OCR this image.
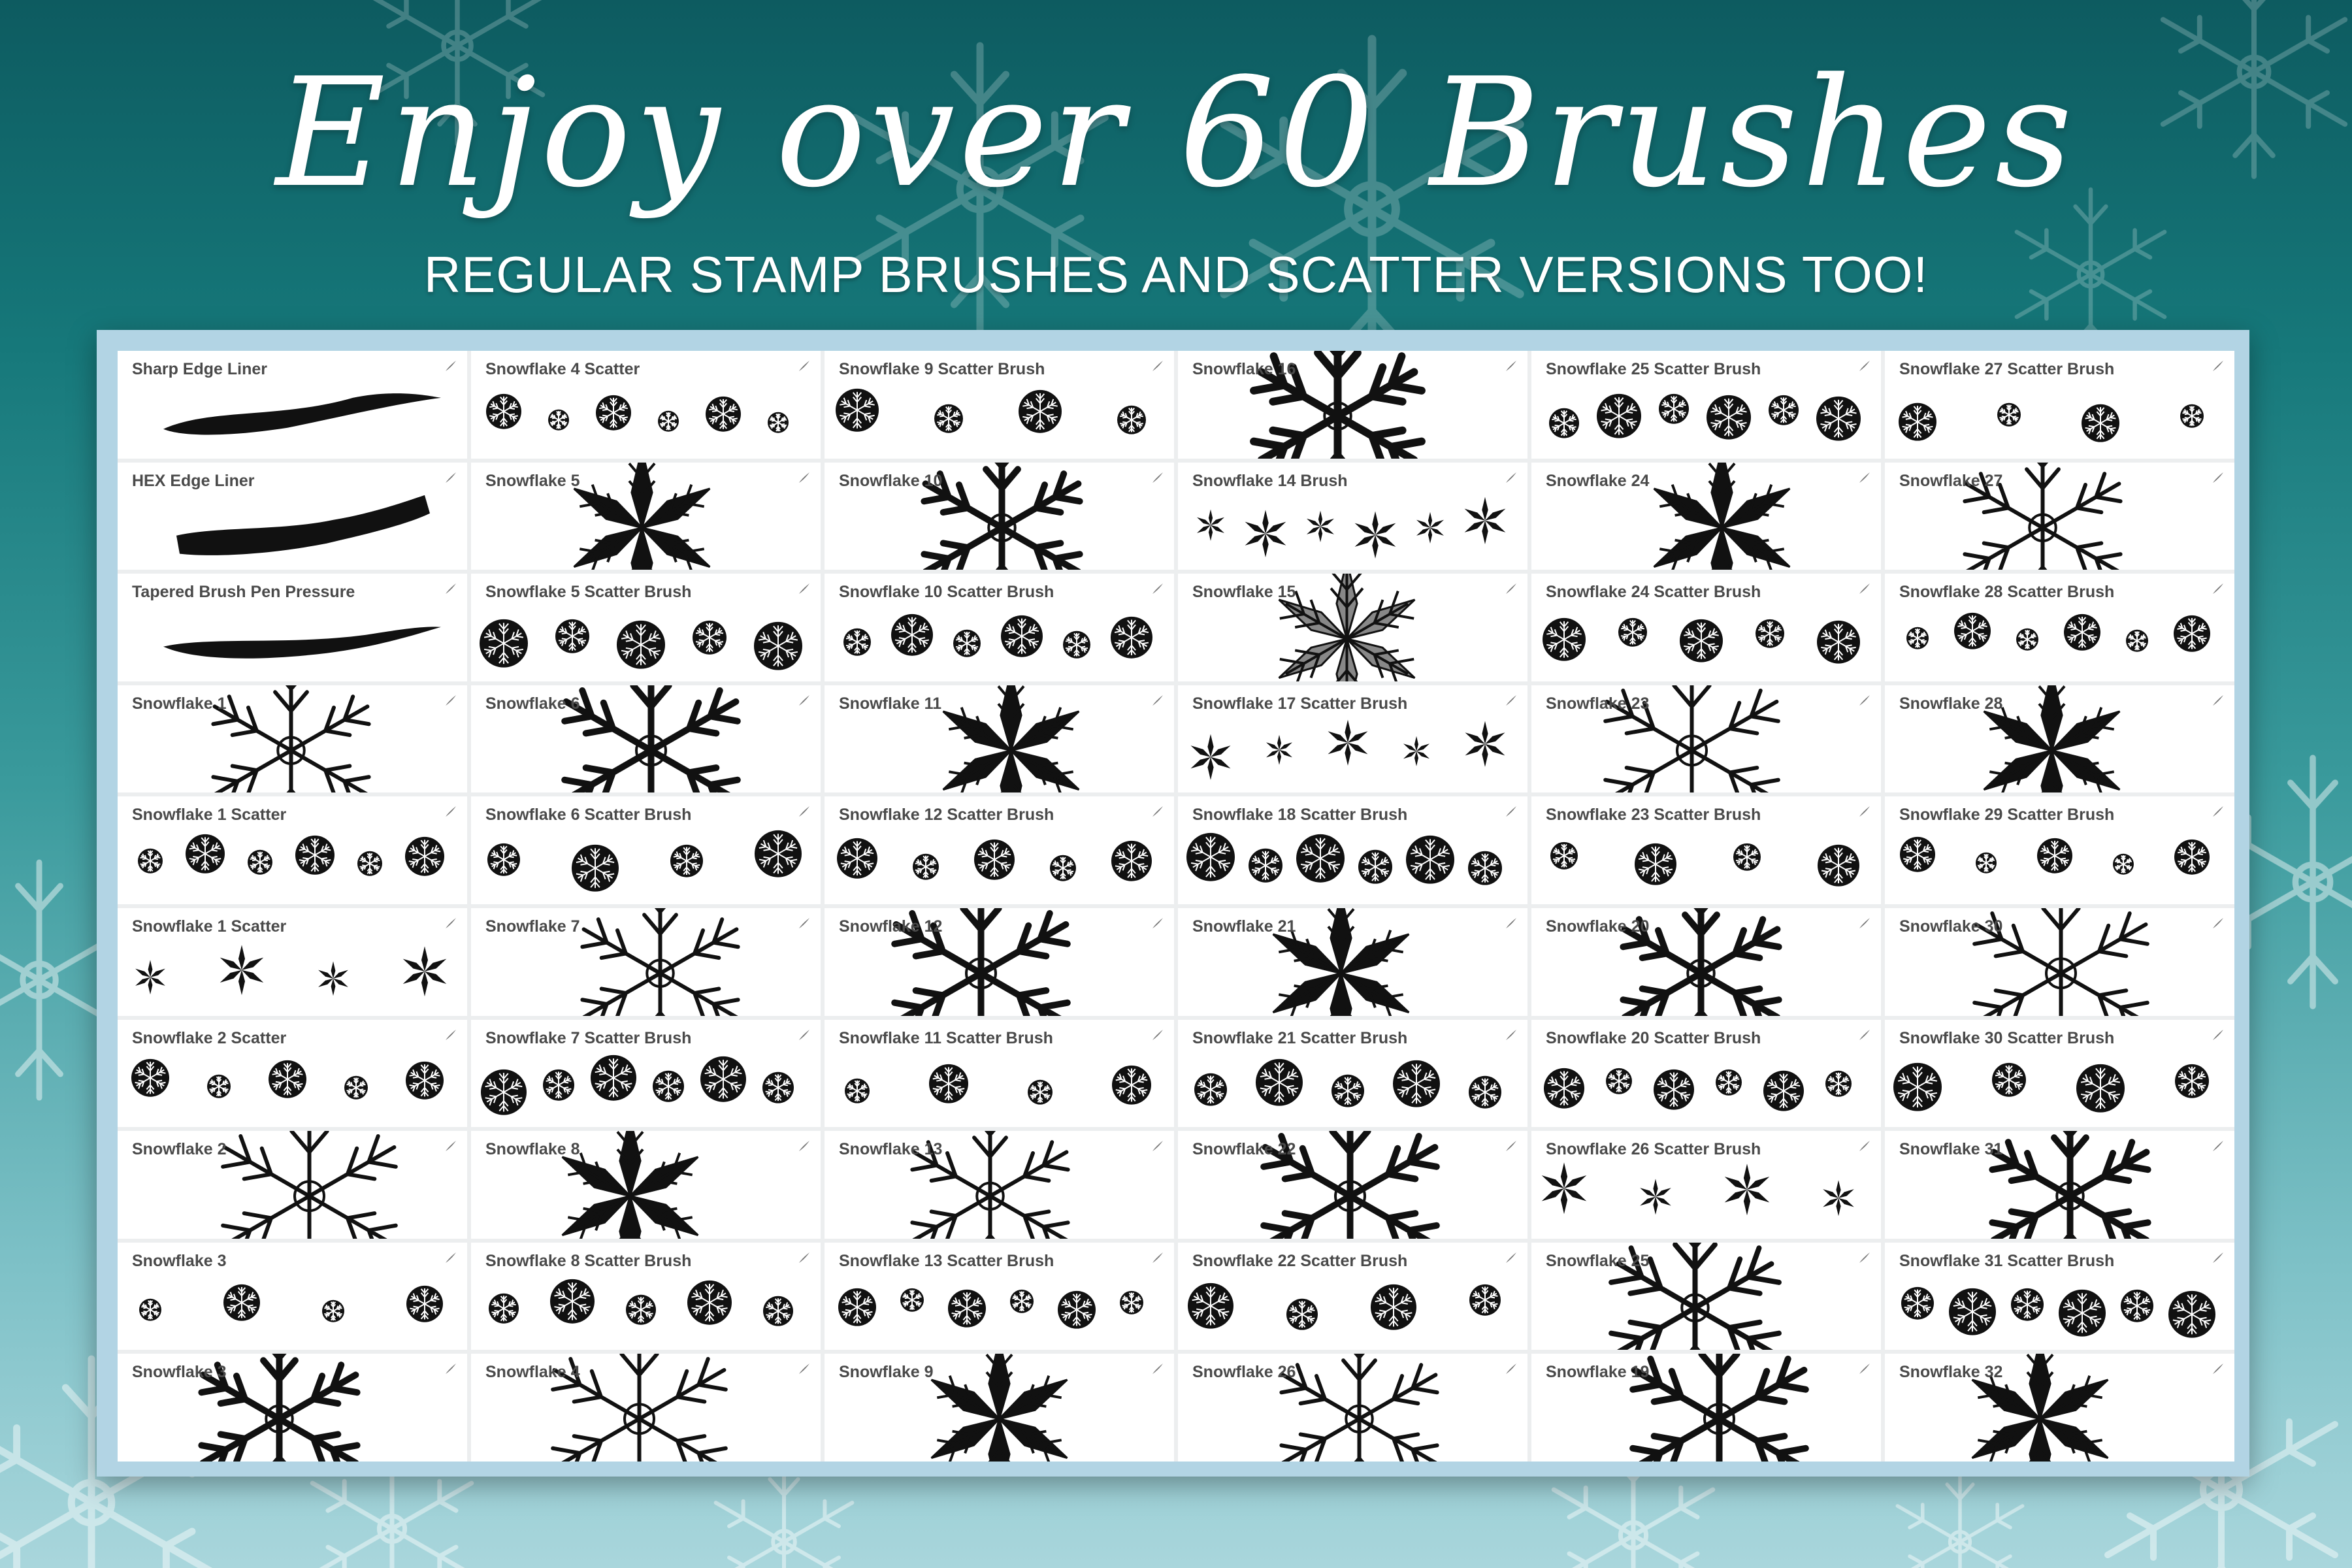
Enjoy over 60 Brushes
REGULAR STAMP BRUSHES AND SCATTER VERSIONS TOO!
Sharp Edge Liner	Snowflake 4 Scatter	Snowflake 9 Scatter Brush	Snowflake 16	Snowflake 25 Scatter Brush	Snowflake 27 Scatter Brush
HEX Edge Liner	Snowflake 5	Snowflake 10	Snowflake 14 Brush	Snowflake 24	Snowflake 27
Tapered Brush Pen Pressure	Snowflake 5 Scatter Brush	Snowflake 10 Scatter Brush	Snowflake 15	Snowflake 24 Scatter Brush	Snowflake 28 Scatter Brush
Snowflake 1	Snowflake 6	Snowflake 11	Snowflake 17 Scatter Brush	Snowflake 23	Snowflake 28
Snowflake 1 Scatter	Snowflake 6 Scatter Brush	Snowflake 12 Scatter Brush	Snowflake 18 Scatter Brush	Snowflake 23 Scatter Brush	Snowflake 29 Scatter Brush
Snowflake 1 Scatter	Snowflake 7	Snowflake 12	Snowflake 21	Snowflake 20	Snowflake 30
Snowflake 2 Scatter	Snowflake 7 Scatter Brush	Snowflake 11 Scatter Brush	Snowflake 21 Scatter Brush	Snowflake 20 Scatter Brush	Snowflake 30 Scatter Brush
Snowflake 2	Snowflake 8	Snowflake 13	Snowflake 22	Snowflake 26 Scatter Brush	Snowflake 31
Snowflake 3	Snowflake 8 Scatter Brush	Snowflake 13 Scatter Brush	Snowflake 22 Scatter Brush	Snowflake 25	Snowflake 31 Scatter Brush
Snowflake 3	Snowflake 4	Snowflake 9	Snowflake 26	Snowflake 19	Snowflake 32
